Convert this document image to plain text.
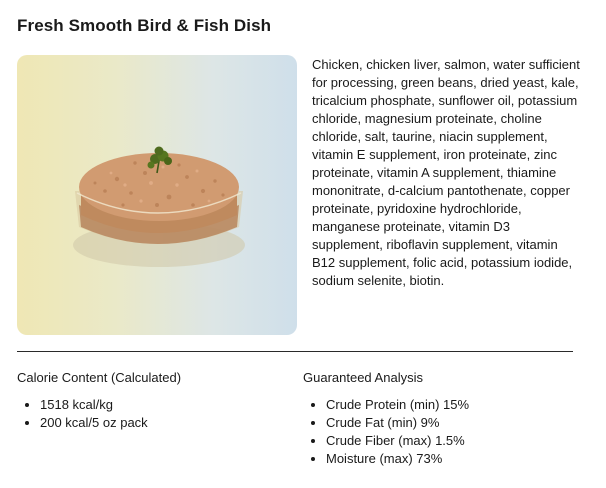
Fresh Smooth Bird & Fish Dish

Chicken, chicken liver, salmon, water sufficient for processing, green beans, dried yeast, kale, tricalcium phosphate, sunflower oil, potassium chloride, magnesium proteinate, choline chloride, salt, taurine, niacin supplement, vitamin E supplement, iron proteinate, zinc proteinate, vitamin A supplement, thiamine mononitrate, d-calcium pantothenate, copper proteinate, pyridoxine hydrochloride, manganese proteinate, vitamin D3 supplement, riboflavin supplement, vitamin B12 supplement, folic acid, potassium iodide, sodium selenite, biotin.

Calorie Content (Calculated)
• 1518 kcal/kg
• 200 kcal/5 oz pack
Guaranteed Analysis
• Crude Protein (min) 15%
• Crude Fat (min) 9%
• Crude Fiber (max) 1.5%
• Moisture (max) 73%
